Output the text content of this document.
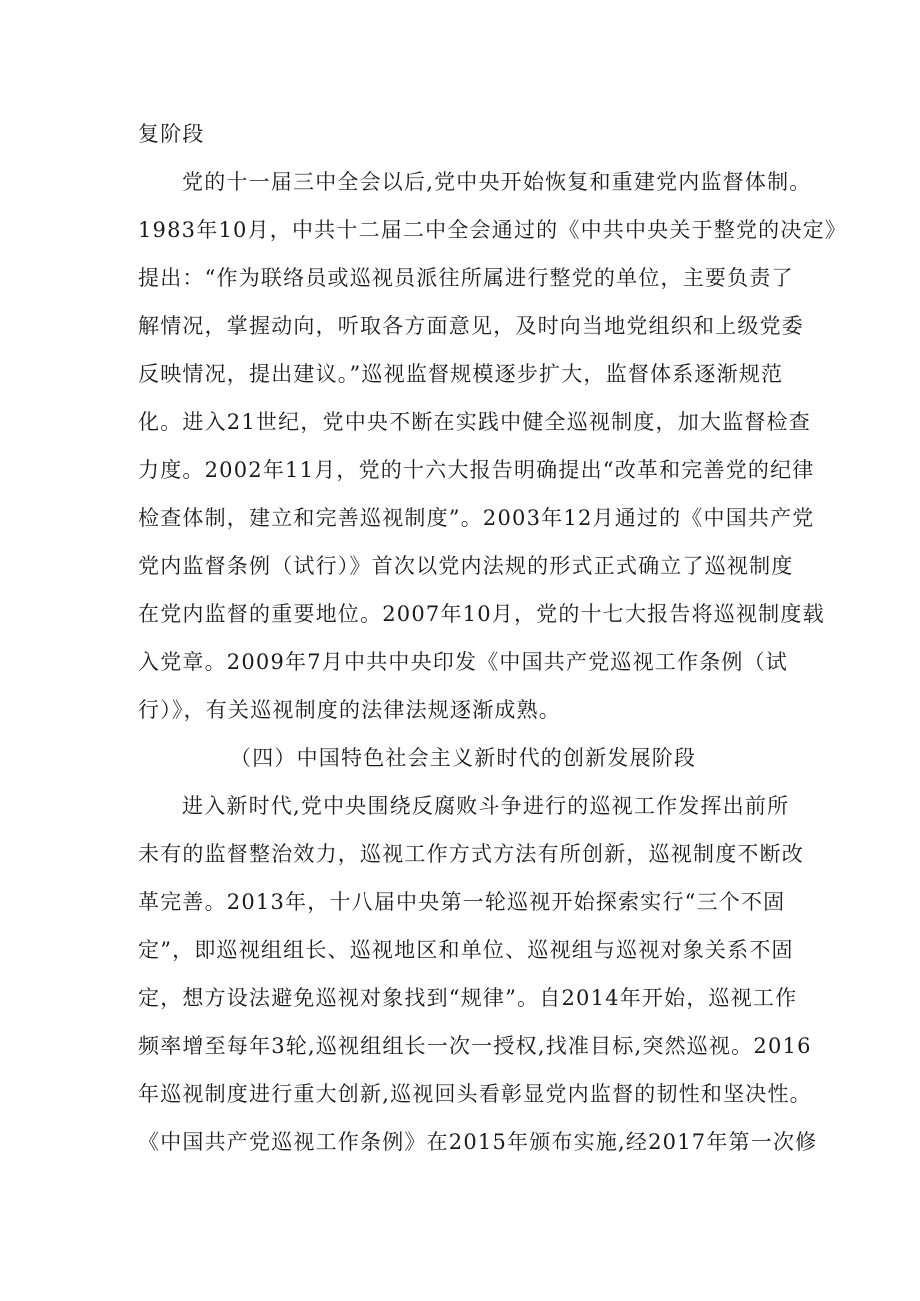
复阶段
党的十一届三中全会以后,党中央开始恢复和重建党内监督体制。
1983年10月，中共十二届二中全会通过的《中共中央关于整党的决定》
提出：“作为联络员或巡视员派往所属进行整党的单位，主要负责了
解情况，掌握动向，听取各方面意见，及时向当地党组织和上级党委
反映情况，提出建议。”巡视监督规模逐步扩大，监督体系逐渐规范
化。进入21世纪，党中央不断在实践中健全巡视制度，加大监督检查
力度。2002年11月，党的十六大报告明确提出“改革和完善党的纪律
检查体制，建立和完善巡视制度”。2003年12月通过的《中国共产党
党内监督条例（试行）》首次以党内法规的形式正式确立了巡视制度
在党内监督的重要地位。2007年10月，党的十七大报告将巡视制度载
入党章。2009年7月中共中央印发《中国共产党巡视工作条例（试
行）》，有关巡视制度的法律法规逐渐成熟。
（四）中国特色社会主义新时代的创新发展阶段
进入新时代,党中央围绕反腐败斗争进行的巡视工作发挥出前所
未有的监督整治效力，巡视工作方式方法有所创新，巡视制度不断改
革完善。2013年，十八届中央第一轮巡视开始探索实行“三个不固
定”，即巡视组组长、巡视地区和单位、巡视组与巡视对象关系不固
定，想方设法避免巡视对象找到“规律”。自2014年开始，巡视工作
频率增至每年3轮,巡视组组长一次一授权,找准目标,突然巡视。2016
年巡视制度进行重大创新,巡视回头看彰显党内监督的韧性和坚决性。
《中国共产党巡视工作条例》在2015年颁布实施,经2017年第一次修
